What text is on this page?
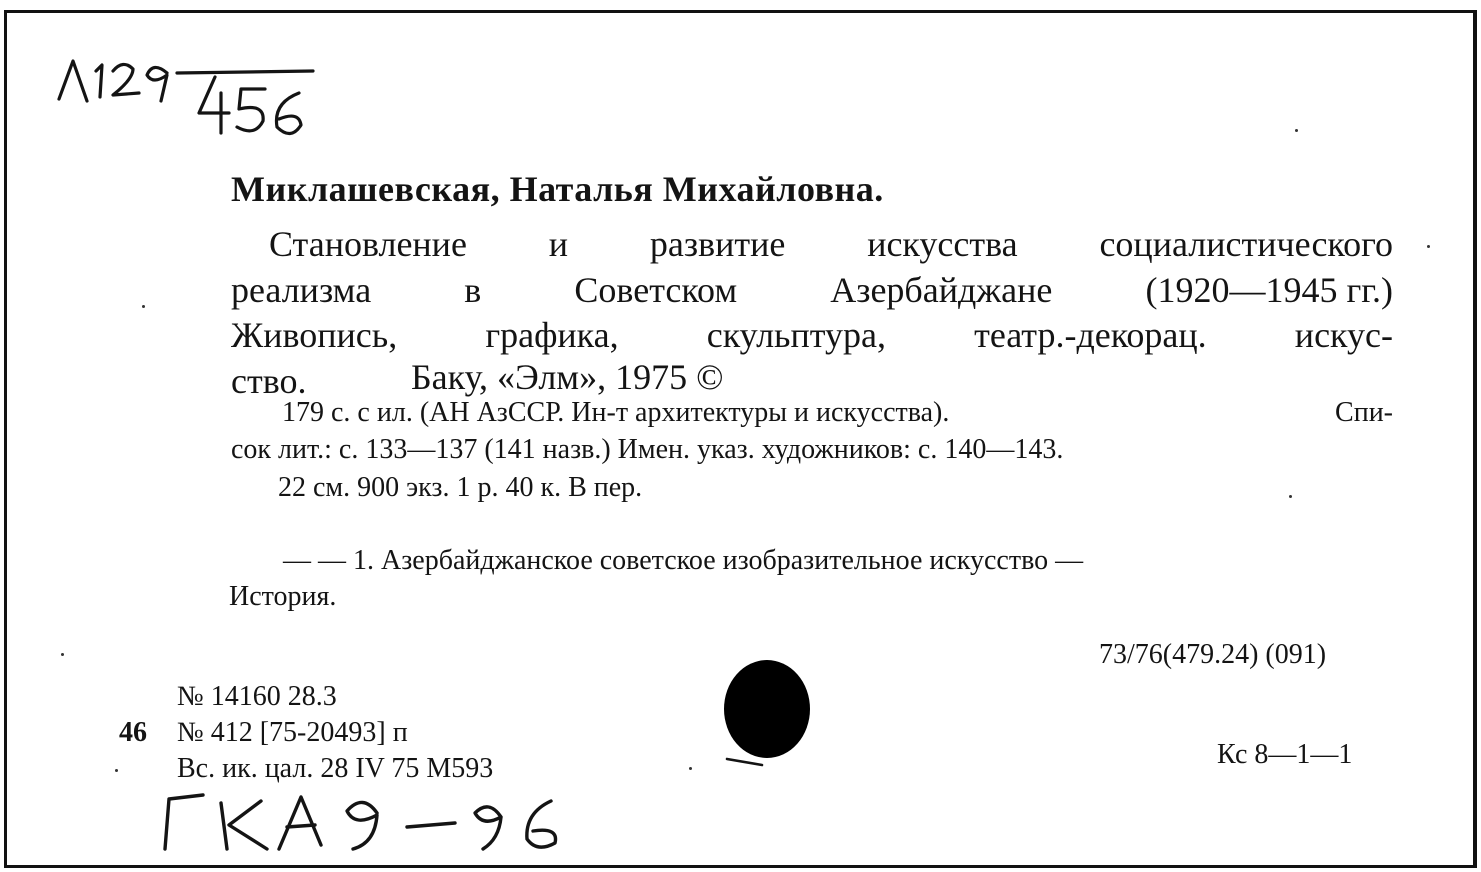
Миклашевская, Наталья Михайловна.
Становление и развитие искусства социалистического
реализма	в	Советском	Азербайджане	(1920—1945 гг.)
Живопись, графика, скульптура, театр.-декорац. искус-
ство.	Баку, «Элм», 1975 ©
179 с. с ил. (АН АзССР. Ин-т архитектуры и искусства).	Спи-
сок лит.: с. 133—137 (141 назв.) Имен. указ. художников: с. 140—143.
22 см. 900 экз. 1 р. 40 к. В пер.
— — 1. Азербайджанское советское изобразительное искусство —
История.
73/76(479.24) (091)
№ 14160 28.3
46 № 412 [75-20493] п
Вс. ик. цал. 28 IV 75 М593	Кс 8—1—1
